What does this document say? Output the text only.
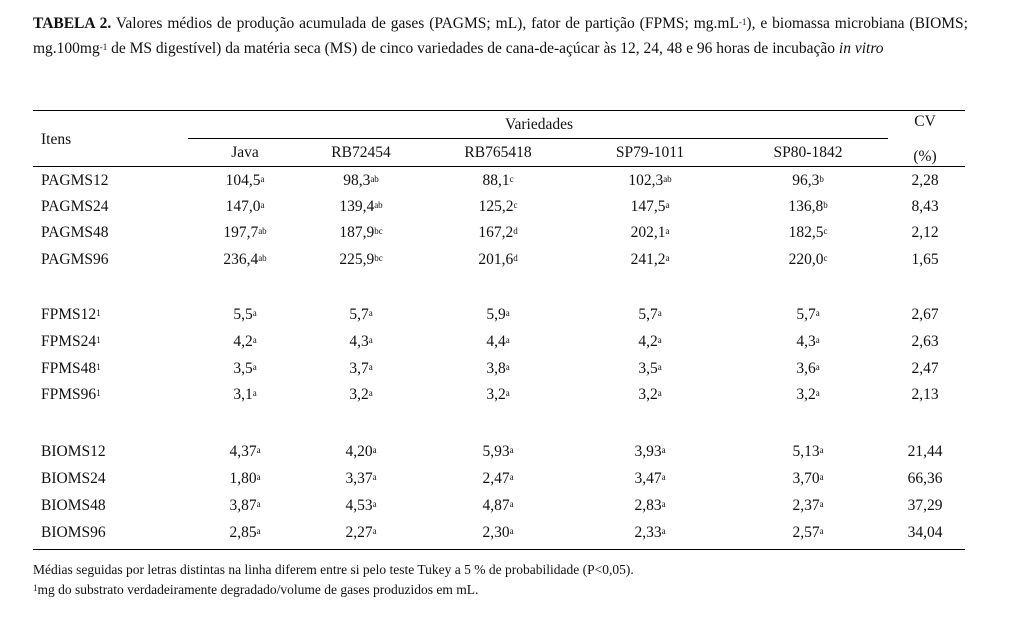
TABELA 2. Valores médios de produção acumulada de gases (PAGMS; mL), fator de partição (FPMS; $mg.mL^{-1}$), e biomassa microbiana (BIOMS; $mg.100mg^{-1}$ de MS digestível) da matéria seca (MS) de cinco variedades de cana-de-açúcar às 12, 24, 48 e 96 horas de incubação in vitro
Itens
Variedades	CV
(%)
Java	RB72454	RB765418	SP79-1011	SP80-1842
PAGMS12	104,5$^a$	98,3$^{ab}$	88,1$^c$	102,3$^{ab}$	96,3$^b$	2,28
PAGMS24	147,0$^a$	139,4$^{ab}$	125,2$^c$	147,5$^a$	136,8$^b$	8,43
PAGMS48	197,7$^{ab}$	187,9$^{bc}$	167,2$^d$	202,1$^a$	182,5$^c$	2,12
PAGMS96	236,4$^{ab}$	225,9$^{bc}$	201,6$^d$	241,2$^a$	220,0$^c$	1,65
$FPMS12^1$	5,5$^a$	5,7$^a$	5,9$^a$	5,7$^a$	5,7$^a$	2,67
$FPMS24^1$	4,2$^a$	4,3$^a$	4,4$^a$	4,2$^a$	4,3$^a$	2,63
$FPMS48^1$	3,5$^a$	3,7$^a$	3,8$^a$	3,5$^a$	3,6$^a$	2,47
$FPMS96^1$	3,1$^a$	3,2$^a$	3,2$^a$	3,2$^a$	3,2$^a$	2,13
BIOMS12	4,37$^a$	4,20$^a$	5,93$^a$	3,93$^a$	5,13$^a$	21,44
BIOMS24	1,80$^a$	3,37$^a$	2,47$^a$	3,47$^a$	3,70$^a$	66,36
BIOMS48	3,87$^a$	4,53$^a$	4,87$^a$	2,83$^a$	2,37$^a$	37,29
BIOMS96	2,85$^a$	2,27$^a$	2,30$^a$	2,33$^a$	2,57$^a$	34,04
Médias seguidas por letras distintas na linha diferem entre si pelo teste Tukey a 5 % de probabilidade (P<0,05).
$^1$mg do substrato verdadeiramente degradado/volume de gases produzidos em mL.
